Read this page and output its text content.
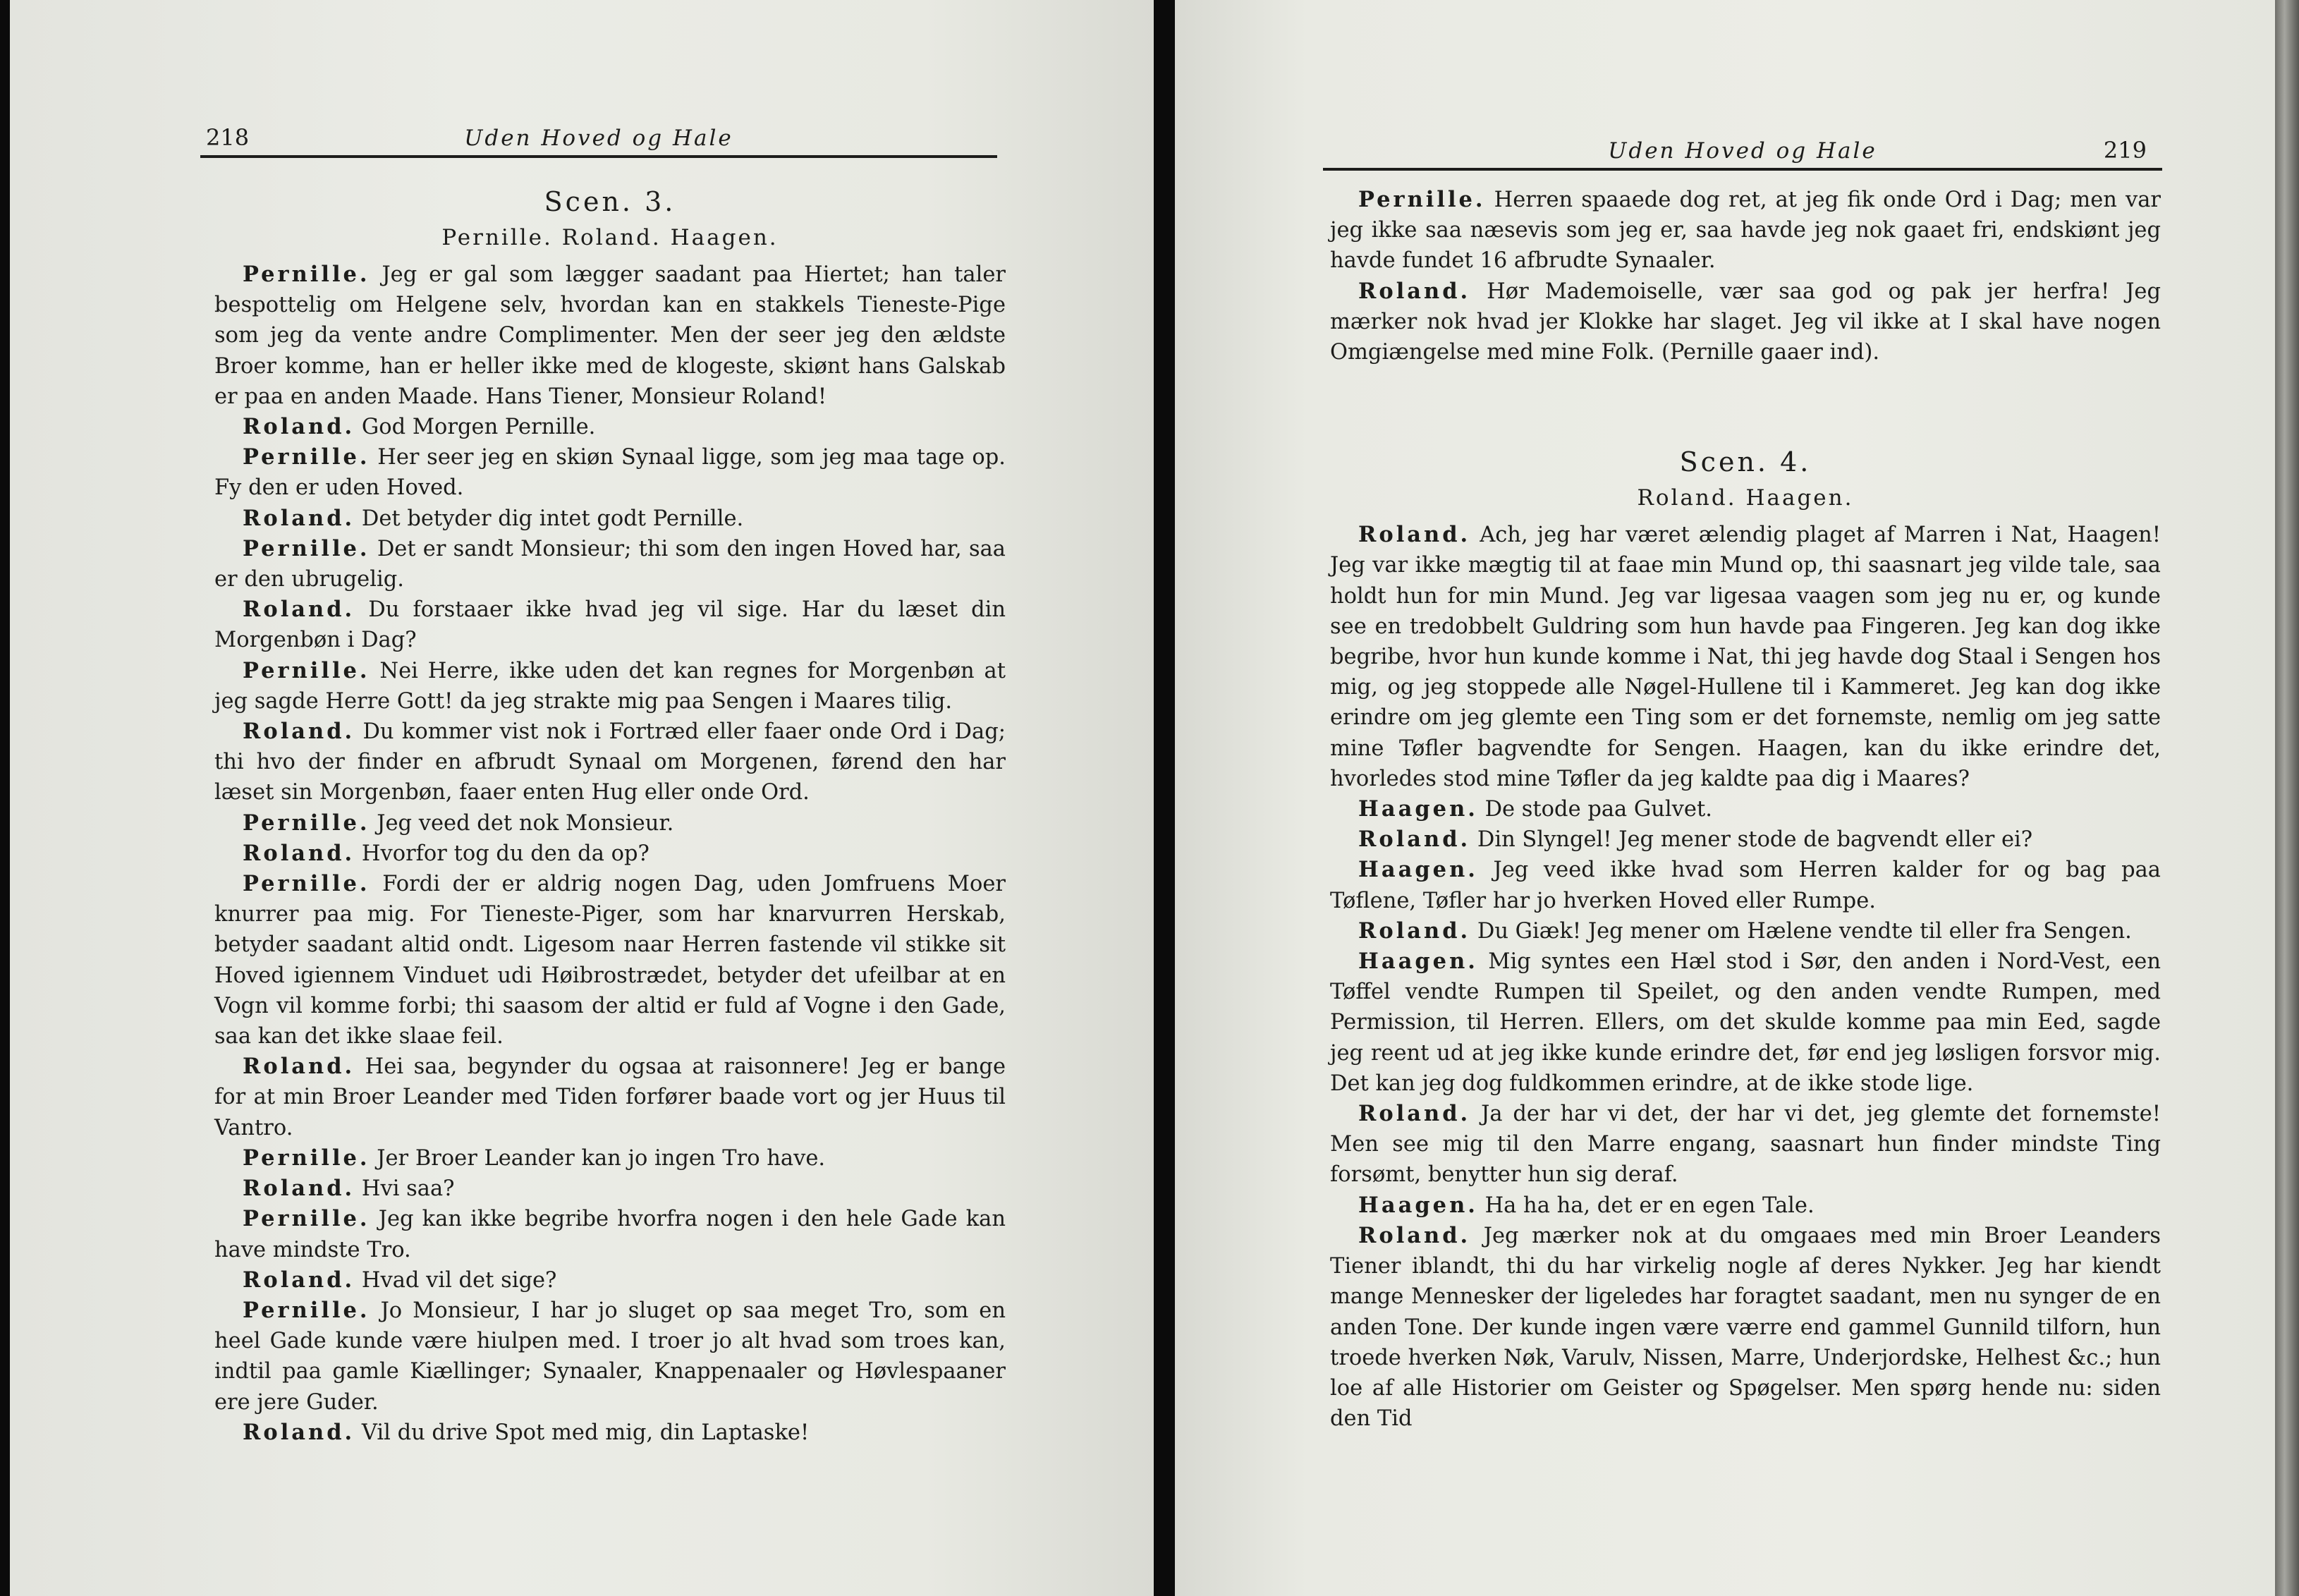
218	Uden Hoved og Hale

Scen. 3.

Pernille. Roland. Haagen.

Pernille. Jeg er gal som lægger saadant paa Hiertet; han taler bespottelig om Helgene selv, hvordan kan en stakkels Tieneste-Pige som jeg da vente andre Complimenter. Men der seer jeg den ældste Broer komme, han er heller ikke med de klogeste, skiønt hans Galskab er paa en anden Maade. Hans Tiener, Monsieur Roland!

Roland. God Morgen Pernille.

Pernille. Her seer jeg en skiøn Synaal ligge, som jeg maa tage op. Fy den er uden Hoved.

Roland. Det betyder dig intet godt Pernille.

Pernille. Det er sandt Monsieur; thi som den ingen Hoved har, saa er den ubrugelig.

Roland. Du forstaaer ikke hvad jeg vil sige. Har du læset din Morgenbøn i Dag?

Pernille. Nei Herre, ikke uden det kan regnes for Morgenbøn at jeg sagde Herre Gott! da jeg strakte mig paa Sengen i Maares tilig.

Roland. Du kommer vist nok i Fortræd eller faaer onde Ord i Dag; thi hvo der finder en afbrudt Synaal om Morgenen, førend den har læset sin Morgenbøn, faaer enten Hug eller onde Ord.

Pernille. Jeg veed det nok Monsieur.

Roland. Hvorfor tog du den da op?

Pernille. Fordi der er aldrig nogen Dag, uden Jomfruens Moer knurrer paa mig. For Tieneste-Piger, som har knarvurren Herskab, betyder saadant altid ondt. Ligesom naar Herren fastende vil stikke sit Hoved igiennem Vinduet udi Høibrostrædet, betyder det ufeilbar at en Vogn vil komme forbi; thi saasom der altid er fuld af Vogne i den Gade, saa kan det ikke slaae feil.

Roland. Hei saa, begynder du ogsaa at raisonnere! Jeg er bange for at min Broer Leander med Tiden forfører baade vort og jer Huus til Vantro.

Pernille. Jer Broer Leander kan jo ingen Tro have.

Roland. Hvi saa?

Pernille. Jeg kan ikke begribe hvorfra nogen i den hele Gade kan have mindste Tro.

Roland. Hvad vil det sige?

Pernille. Jo Monsieur, I har jo sluget op saa meget Tro, som en heel Gade kunde være hiulpen med. I troer jo alt hvad som troes kan, indtil paa gamle Kiællinger; Synaaler, Knappenaaler og Høvlespaaner ere jere Guder.

Roland. Vil du drive Spot med mig, din Laptaske!

Uden Hoved og Hale	219

Pernille. Herren spaaede dog ret, at jeg fik onde Ord i Dag; men var jeg ikke saa næsevis som jeg er, saa havde jeg nok gaaet fri, endskiønt jeg havde fundet 16 afbrudte Synaaler.

Roland. Hør Mademoiselle, vær saa god og pak jer herfra! Jeg mærker nok hvad jer Klokke har slaget. Jeg vil ikke at I skal have nogen Omgiængelse med mine Folk. (Pernille gaaer ind).

Scen. 4.

Roland. Haagen.

Roland. Ach, jeg har været ælendig plaget af Marren i Nat, Haagen! Jeg var ikke mægtig til at faae min Mund op, thi saasnart jeg vilde tale, saa holdt hun for min Mund. Jeg var ligesaa vaagen som jeg nu er, og kunde see en tredobbelt Guldring som hun havde paa Fingeren. Jeg kan dog ikke begribe, hvor hun kunde komme i Nat, thi jeg havde dog Staal i Sengen hos mig, og jeg stoppede alle Nøgel-Hullene til i Kammeret. Jeg kan dog ikke erindre om jeg glemte een Ting som er det fornemste, nemlig om jeg satte mine Tøfler bagvendte for Sengen. Haagen, kan du ikke erindre det, hvorledes stod mine Tøfler da jeg kaldte paa dig i Maares?

Haagen. De stode paa Gulvet.

Roland. Din Slyngel! Jeg mener stode de bagvendt eller ei?

Haagen. Jeg veed ikke hvad som Herren kalder for og bag paa Tøflene, Tøfler har jo hverken Hoved eller Rumpe.

Roland. Du Giæk! Jeg mener om Hælene vendte til eller fra Sengen.

Haagen. Mig syntes een Hæl stod i Sør, den anden i Nord-Vest, een Tøffel vendte Rumpen til Speilet, og den anden vendte Rumpen, med Permission, til Herren. Ellers, om det skulde komme paa min Eed, sagde jeg reent ud at jeg ikke kunde erindre det, før end jeg løsligen forsvor mig. Det kan jeg dog fuldkommen erindre, at de ikke stode lige.

Roland. Ja der har vi det, der har vi det, jeg glemte det fornemste! Men see mig til den Marre engang, saasnart hun finder mindste Ting forsømt, benytter hun sig deraf.

Haagen. Ha ha ha, det er en egen Tale.

Roland. Jeg mærker nok at du omgaaes med min Broer Leanders Tiener iblandt, thi du har virkelig nogle af deres Nykker. Jeg har kiendt mange Mennesker der ligeledes har foragtet saadant, men nu synger de en anden Tone. Der kunde ingen være værre end gammel Gunnild tilforn, hun troede hverken Nøk, Varulv, Nissen, Marre, Underjordske, Helhest &c.; hun loe af alle Historier om Geister og Spøgelser. Men spørg hende nu: siden den Tid
